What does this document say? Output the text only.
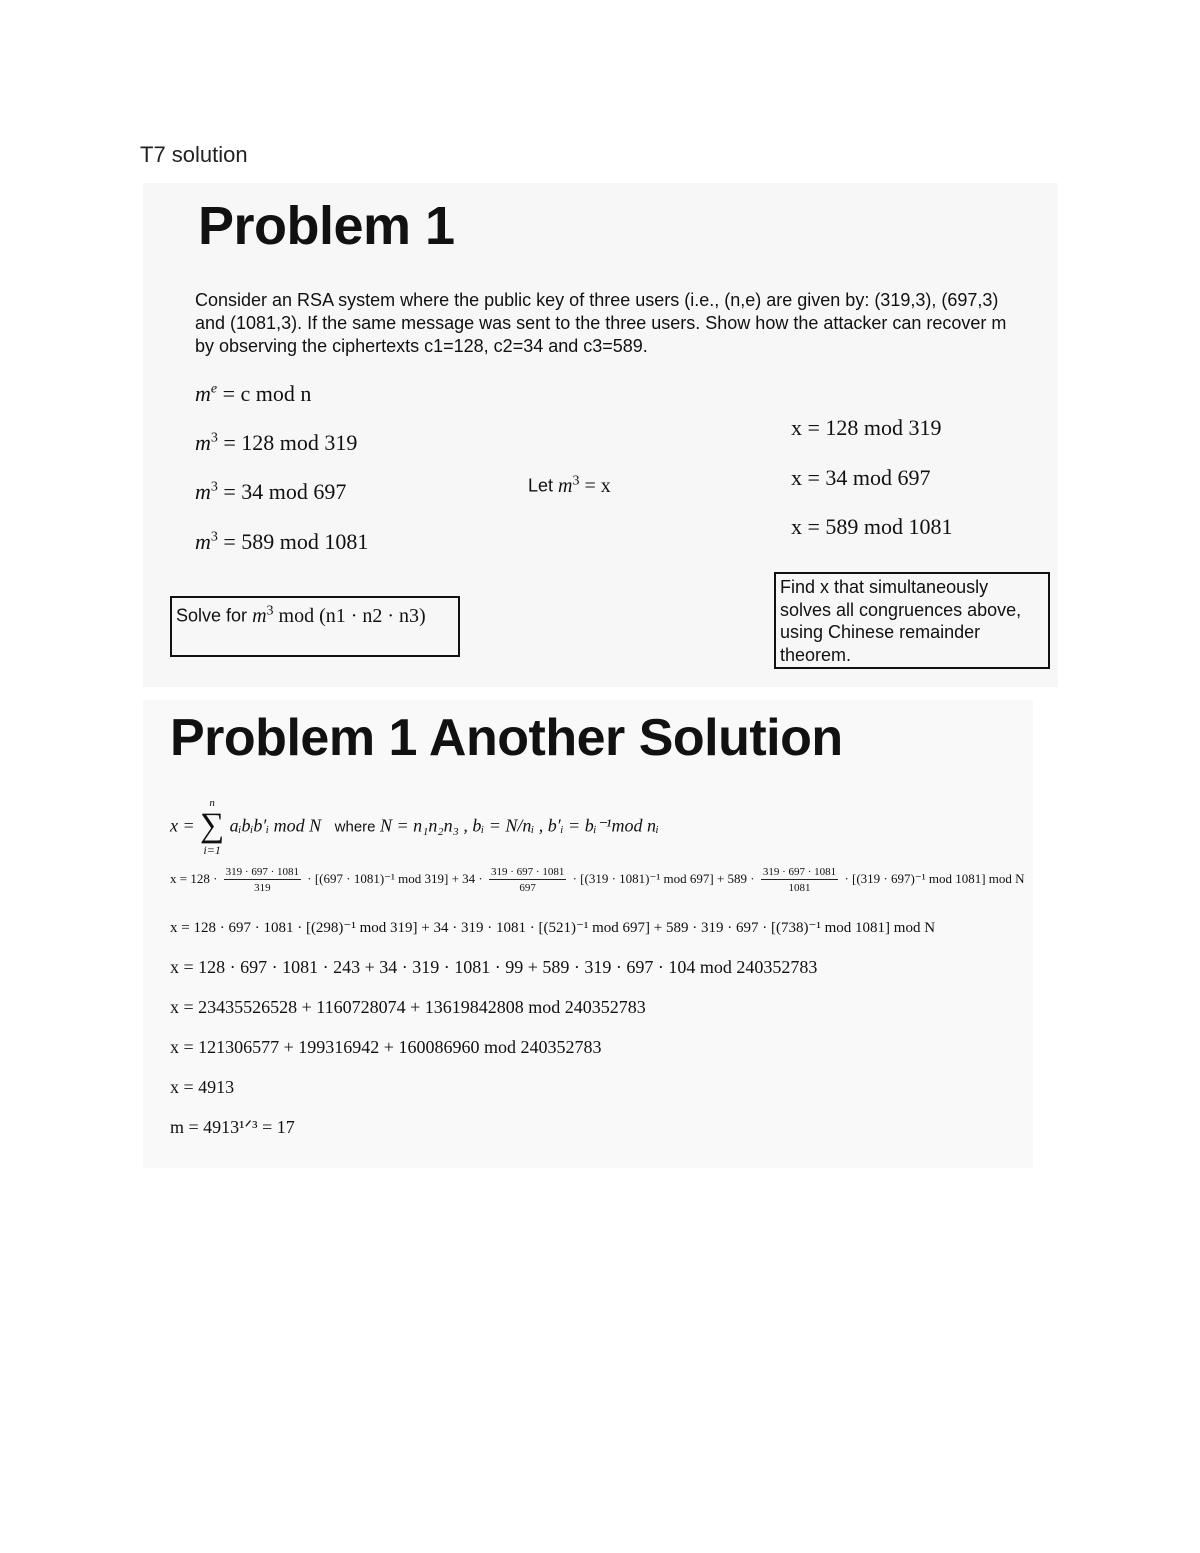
T7 solution
Problem 1
Consider an RSA system where the public key of three users (i.e., (n,e) are given by: (319,3), (697,3) and (1081,3). If the same message was sent to the three users. Show how the attacker can recover m by observing the ciphertexts c1=128, c2=34 and c3=589.
$m^e = c$ mod n
$m^3 = 128$ mod 319
$m^3 = 34$ mod 697
$m^3 = 589$ mod 1081
Let $m^3 = x$
x = 128 mod 319
x = 34 mod 697
x = 589 mod 1081
Solve for $m^3$ mod (n1 · n2 · n3)
Find x that simultaneously solves all congruences above, using Chinese remainder theorem.
Problem 1 Another Solution
x =
n
∑
i=1
aᵢbᵢb′ᵢ mod N where N = n₁n₂n₃ , bᵢ = N/nᵢ , b′ᵢ = bᵢ⁻¹mod nᵢ
$x = 128 \cdot \frac{319 \cdot 697 \cdot 1081}{319} \cdot [(697 \cdot 1081)^{-1}$ mod $319] + 34 \cdot \frac{319 \cdot 697 \cdot 1081}{697} \cdot [(319 \cdot 1081)^{-1}$ mod $697] + 589 \cdot \frac{319 \cdot 697 \cdot 1081}{1081} \cdot [(319 \cdot 697)^{-1}$ mod 1081] mod N
x = 128 · 697 · 1081 · [(298)⁻¹ mod 319] + 34 · 319 · 1081 · [(521)⁻¹ mod 697] + 589 · 319 · 697 · [(738)⁻¹ mod 1081] mod N
x = 128 · 697 · 1081 · 243 + 34 · 319 · 1081 · 99 + 589 · 319 · 697 · 104 mod 240352783
x = 23435526528 + 1160728074 + 13619842808 mod 240352783
x = 121306577 + 199316942 + 160086960 mod 240352783
x = 4913
m = 4913¹ᐟ³ = 17
